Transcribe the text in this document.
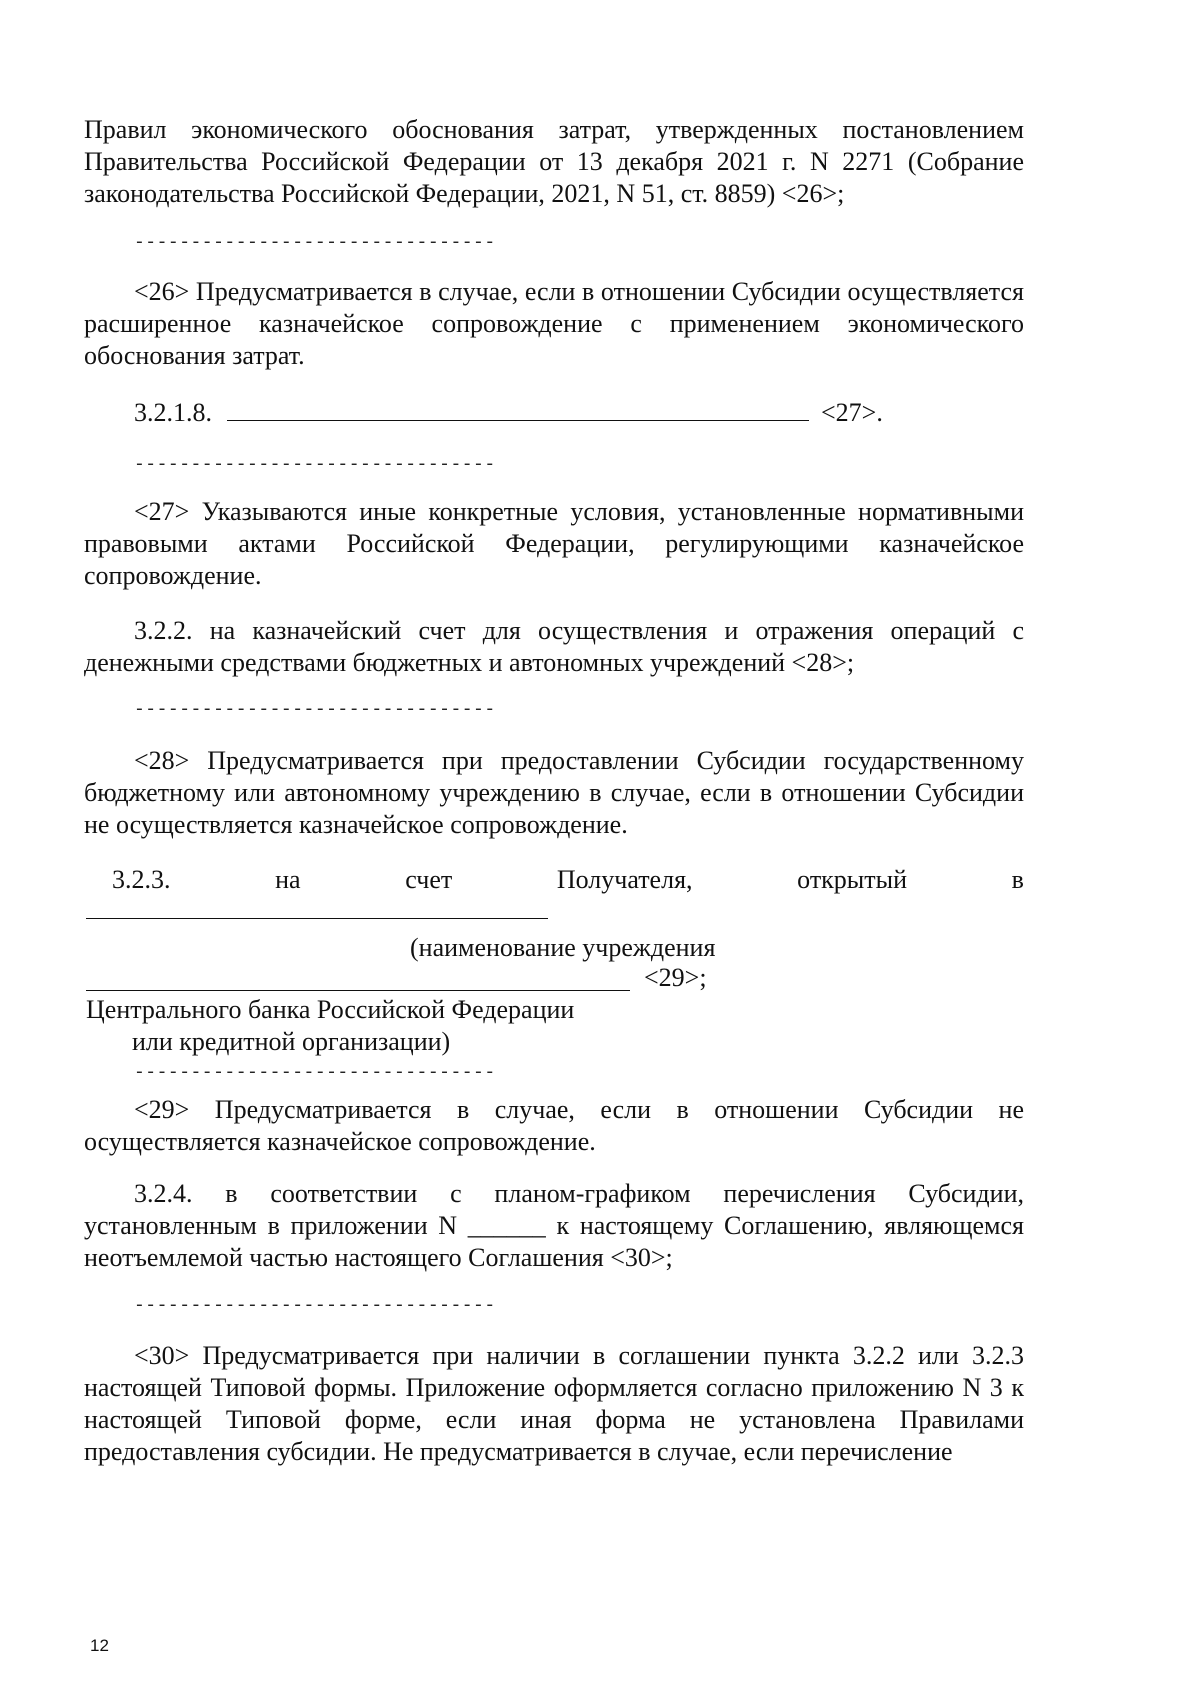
Правил экономического обоснования затрат, утвержденных постановлением Правительства Российской Федерации от 13 декабря 2021 г. N 2271 (Собрание законодательства Российской Федерации, 2021, N 51, ст. 8859) <26>;

--------------------------------

<26> Предусматривается в случае, если в отношении Субсидии осуществляется расширенное казначейское сопровождение с применением экономического обоснования затрат.

3.2.1.8.	<27>.
--------------------------------

<27> Указываются иные конкретные условия, установленные нормативными правовыми актами Российской Федерации, регулирующими казначейское сопровождение.

3.2.2. на казначейский счет для осуществления и отражения операций с денежными средствами бюджетных и автономных учреждений <28>;

--------------------------------

<28> Предусматривается при предоставлении Субсидии государственному бюджетному или автономному учреждению в случае, если в отношении Субсидии не осуществляется казначейское сопровождение.

3.2.3.	на	счет	Получателя,	открытый	в
(наименование учреждения
<29>;
Центрального банка Российской Федерации
или кредитной организации)
--------------------------------

<29> Предусматривается в случае, если в отношении Субсидии не осуществляется казначейское сопровождение.

3.2.4. в соответствии с планом-графиком перечисления Субсидии, установленным в приложении N ______ к настоящему Соглашению, являющемся неотъемлемой частью настоящего Соглашения <30>;

--------------------------------

<30> Предусматривается при наличии в соглашении пункта 3.2.2 или 3.2.3 настоящей Типовой формы. Приложение оформляется согласно приложению N 3 к настоящей Типовой форме, если иная форма не установлена Правилами предоставления субсидии. Не предусматривается в случае, если перечисление

12
